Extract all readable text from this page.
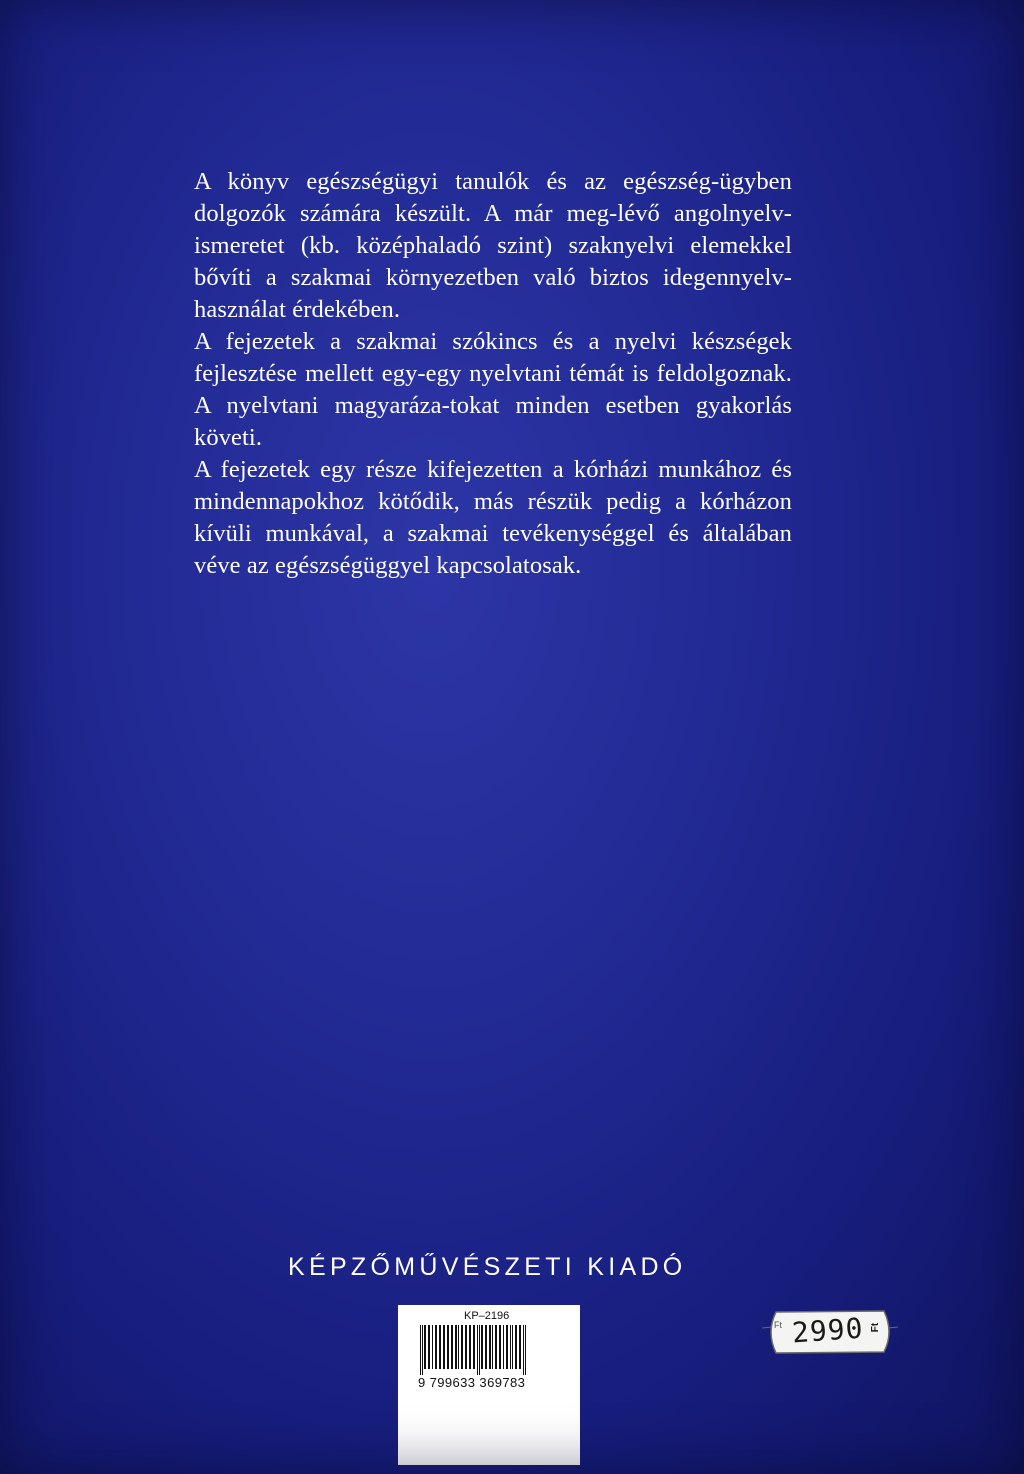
A könyv egészségügyi tanulók és az egészség-ügyben dolgozók számára készült. A már meg-lévő angolnyelv-ismeretet (kb. középhaladó szint) szaknyelvi elemekkel bővíti a szakmai környezetben való biztos idegennyelv-használat érdekében.

A fejezetek a szakmai szókincs és a nyelvi készségek fejlesztése mellett egy-egy nyelvtani témát is feldolgoznak. A nyelvtani magyaráza-tokat minden esetben gyakorlás követi.

A fejezetek egy része kifejezetten a kórházi munkához és mindennapokhoz kötődik, más részük pedig a kórházon kívüli munkával, a szakmai tevékenységgel és általában véve az egészségüggyel kapcsolatosak.

KÉPZŐMŰVÉSZETI KIADÓ
KP–2196
9 799633 369783
Ft 2990 Ft
